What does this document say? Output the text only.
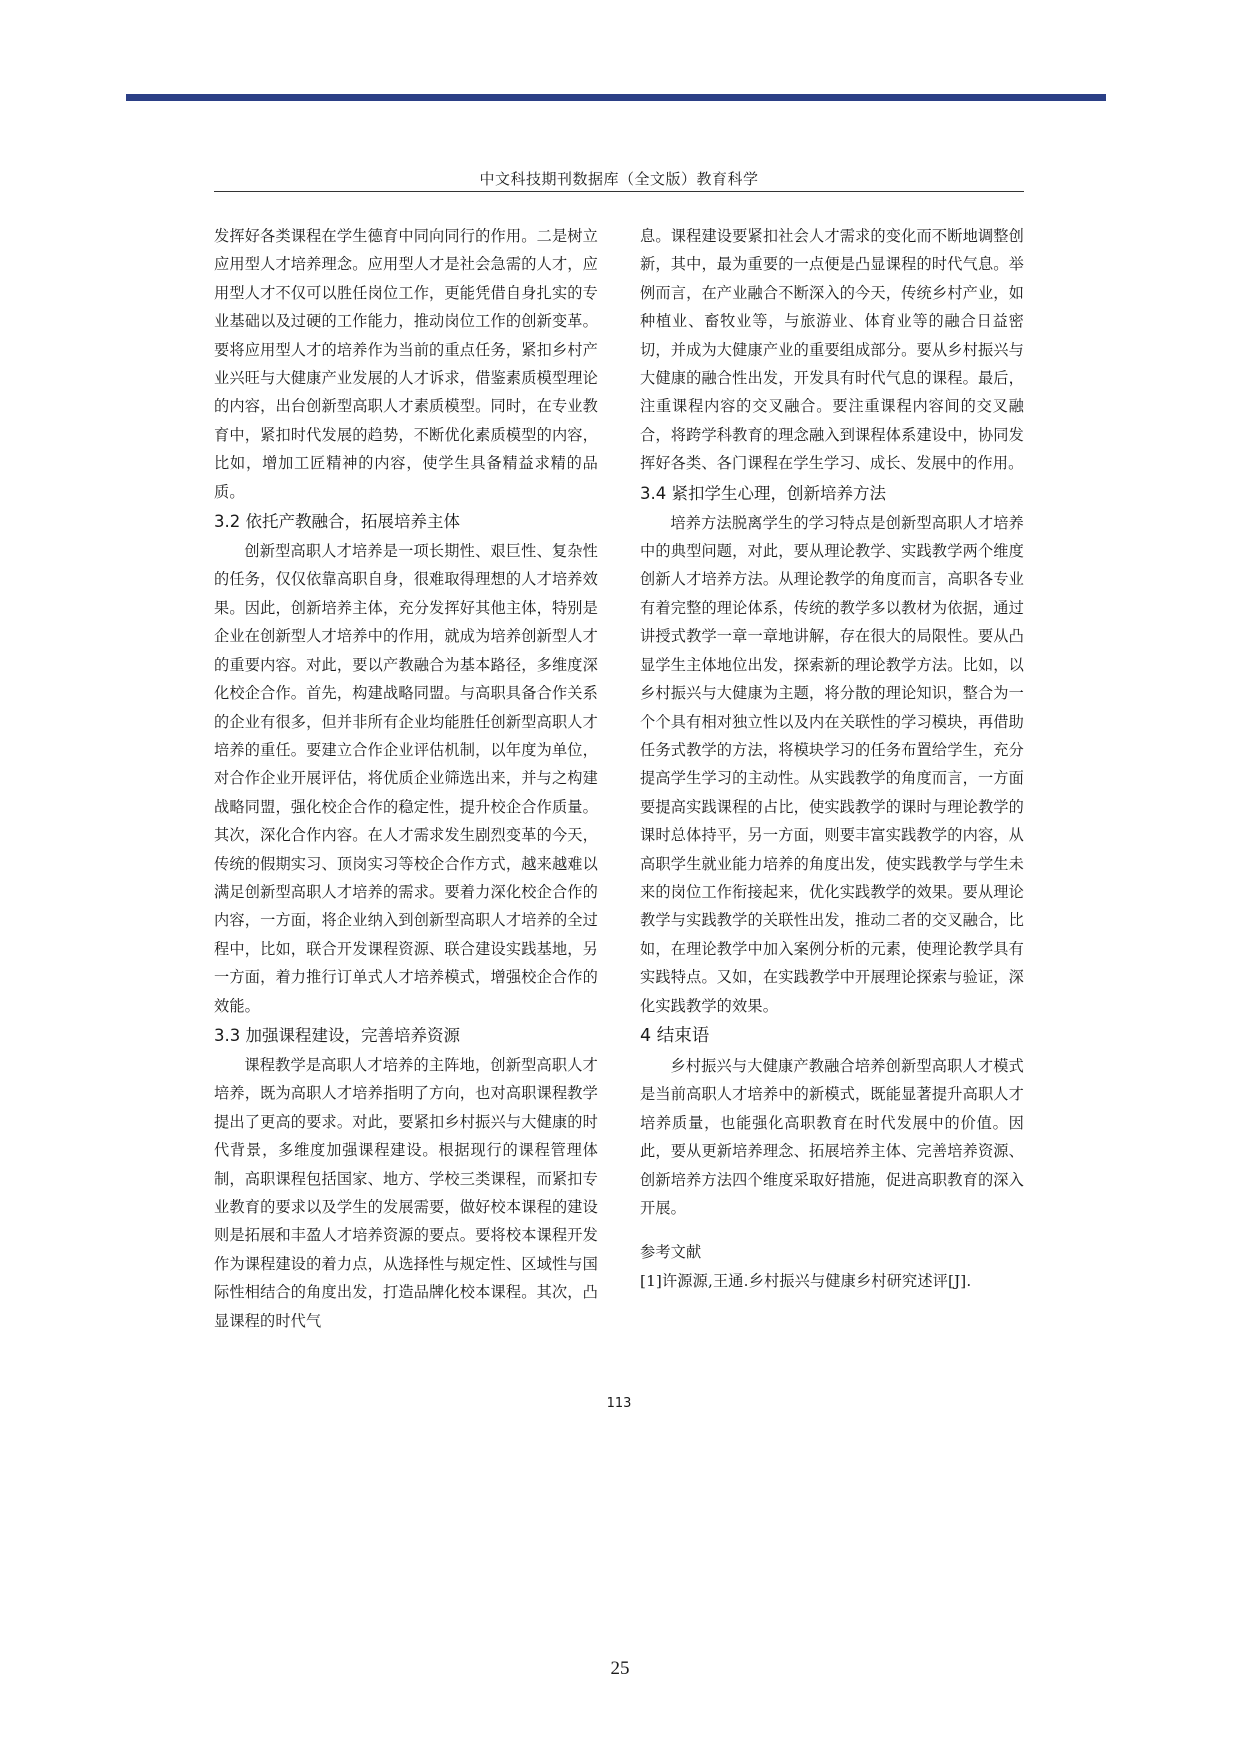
中文科技期刊数据库（全文版）教育科学

发挥好各类课程在学生德育中同向同行的作用。二是树立应用型人才培养理念。应用型人才是社会急需的人才，应用型人才不仅可以胜任岗位工作，更能凭借自身扎实的专业基础以及过硬的工作能力，推动岗位工作的创新变革。要将应用型人才的培养作为当前的重点任务，紧扣乡村产业兴旺与大健康产业发展的人才诉求，借鉴素质模型理论的内容，出台创新型高职人才素质模型。同时，在专业教育中，紧扣时代发展的趋势，不断优化素质模型的内容，比如，增加工匠精神的内容，使学生具备精益求精的品质。

3.2 依托产教融合，拓展培养主体

创新型高职人才培养是一项长期性、艰巨性、复杂性的任务，仅仅依靠高职自身，很难取得理想的人才培养效果。因此，创新培养主体，充分发挥好其他主体，特别是企业在创新型人才培养中的作用，就成为培养创新型人才的重要内容。对此，要以产教融合为基本路径，多维度深化校企合作。首先，构建战略同盟。与高职具备合作关系的企业有很多，但并非所有企业均能胜任创新型高职人才培养的重任。要建立合作企业评估机制，以年度为单位，对合作企业开展评估，将优质企业筛选出来，并与之构建战略同盟，强化校企合作的稳定性，提升校企合作质量。其次，深化合作内容。在人才需求发生剧烈变革的今天，传统的假期实习、顶岗实习等校企合作方式，越来越难以满足创新型高职人才培养的需求。要着力深化校企合作的内容，一方面，将企业纳入到创新型高职人才培养的全过程中，比如，联合开发课程资源、联合建设实践基地，另一方面，着力推行订单式人才培养模式，增强校企合作的效能。

3.3 加强课程建设，完善培养资源

课程教学是高职人才培养的主阵地，创新型高职人才培养，既为高职人才培养指明了方向，也对高职课程教学提出了更高的要求。对此，要紧扣乡村振兴与大健康的时代背景，多维度加强课程建设。根据现行的课程管理体制，高职课程包括国家、地方、学校三类课程，而紧扣专业教育的要求以及学生的发展需要，做好校本课程的建设则是拓展和丰盈人才培养资源的要点。要将校本课程开发作为课程建设的着力点，从选择性与规定性、区域性与国际性相结合的角度出发，打造品牌化校本课程。其次，凸显课程的时代气

息。课程建设要紧扣社会人才需求的变化而不断地调整创新，其中，最为重要的一点便是凸显课程的时代气息。举例而言，在产业融合不断深入的今天，传统乡村产业，如种植业、畜牧业等，与旅游业、体育业等的融合日益密切，并成为大健康产业的重要组成部分。要从乡村振兴与大健康的融合性出发，开发具有时代气息的课程。最后，注重课程内容的交叉融合。要注重课程内容间的交叉融合，将跨学科教育的理念融入到课程体系建设中，协同发挥好各类、各门课程在学生学习、成长、发展中的作用。

3.4 紧扣学生心理，创新培养方法

培养方法脱离学生的学习特点是创新型高职人才培养中的典型问题，对此，要从理论教学、实践教学两个维度创新人才培养方法。从理论教学的角度而言，高职各专业有着完整的理论体系，传统的教学多以教材为依据，通过讲授式教学一章一章地讲解，存在很大的局限性。要从凸显学生主体地位出发，探索新的理论教学方法。比如，以乡村振兴与大健康为主题，将分散的理论知识，整合为一个个具有相对独立性以及内在关联性的学习模块，再借助任务式教学的方法，将模块学习的任务布置给学生，充分提高学生学习的主动性。从实践教学的角度而言，一方面要提高实践课程的占比，使实践教学的课时与理论教学的课时总体持平，另一方面，则要丰富实践教学的内容，从高职学生就业能力培养的角度出发，使实践教学与学生未来的岗位工作衔接起来，优化实践教学的效果。要从理论教学与实践教学的关联性出发，推动二者的交叉融合，比如，在理论教学中加入案例分析的元素，使理论教学具有实践特点。又如，在实践教学中开展理论探索与验证，深化实践教学的效果。

4 结束语

乡村振兴与大健康产教融合培养创新型高职人才模式是当前高职人才培养中的新模式，既能显著提升高职人才培养质量，也能强化高职教育在时代发展中的价值。因此，要从更新培养理念、拓展培养主体、完善培养资源、创新培养方法四个维度采取好措施，促进高职教育的深入开展。

参考文献

[1]许源源,王通.乡村振兴与健康乡村研究述评[J].

113
25
